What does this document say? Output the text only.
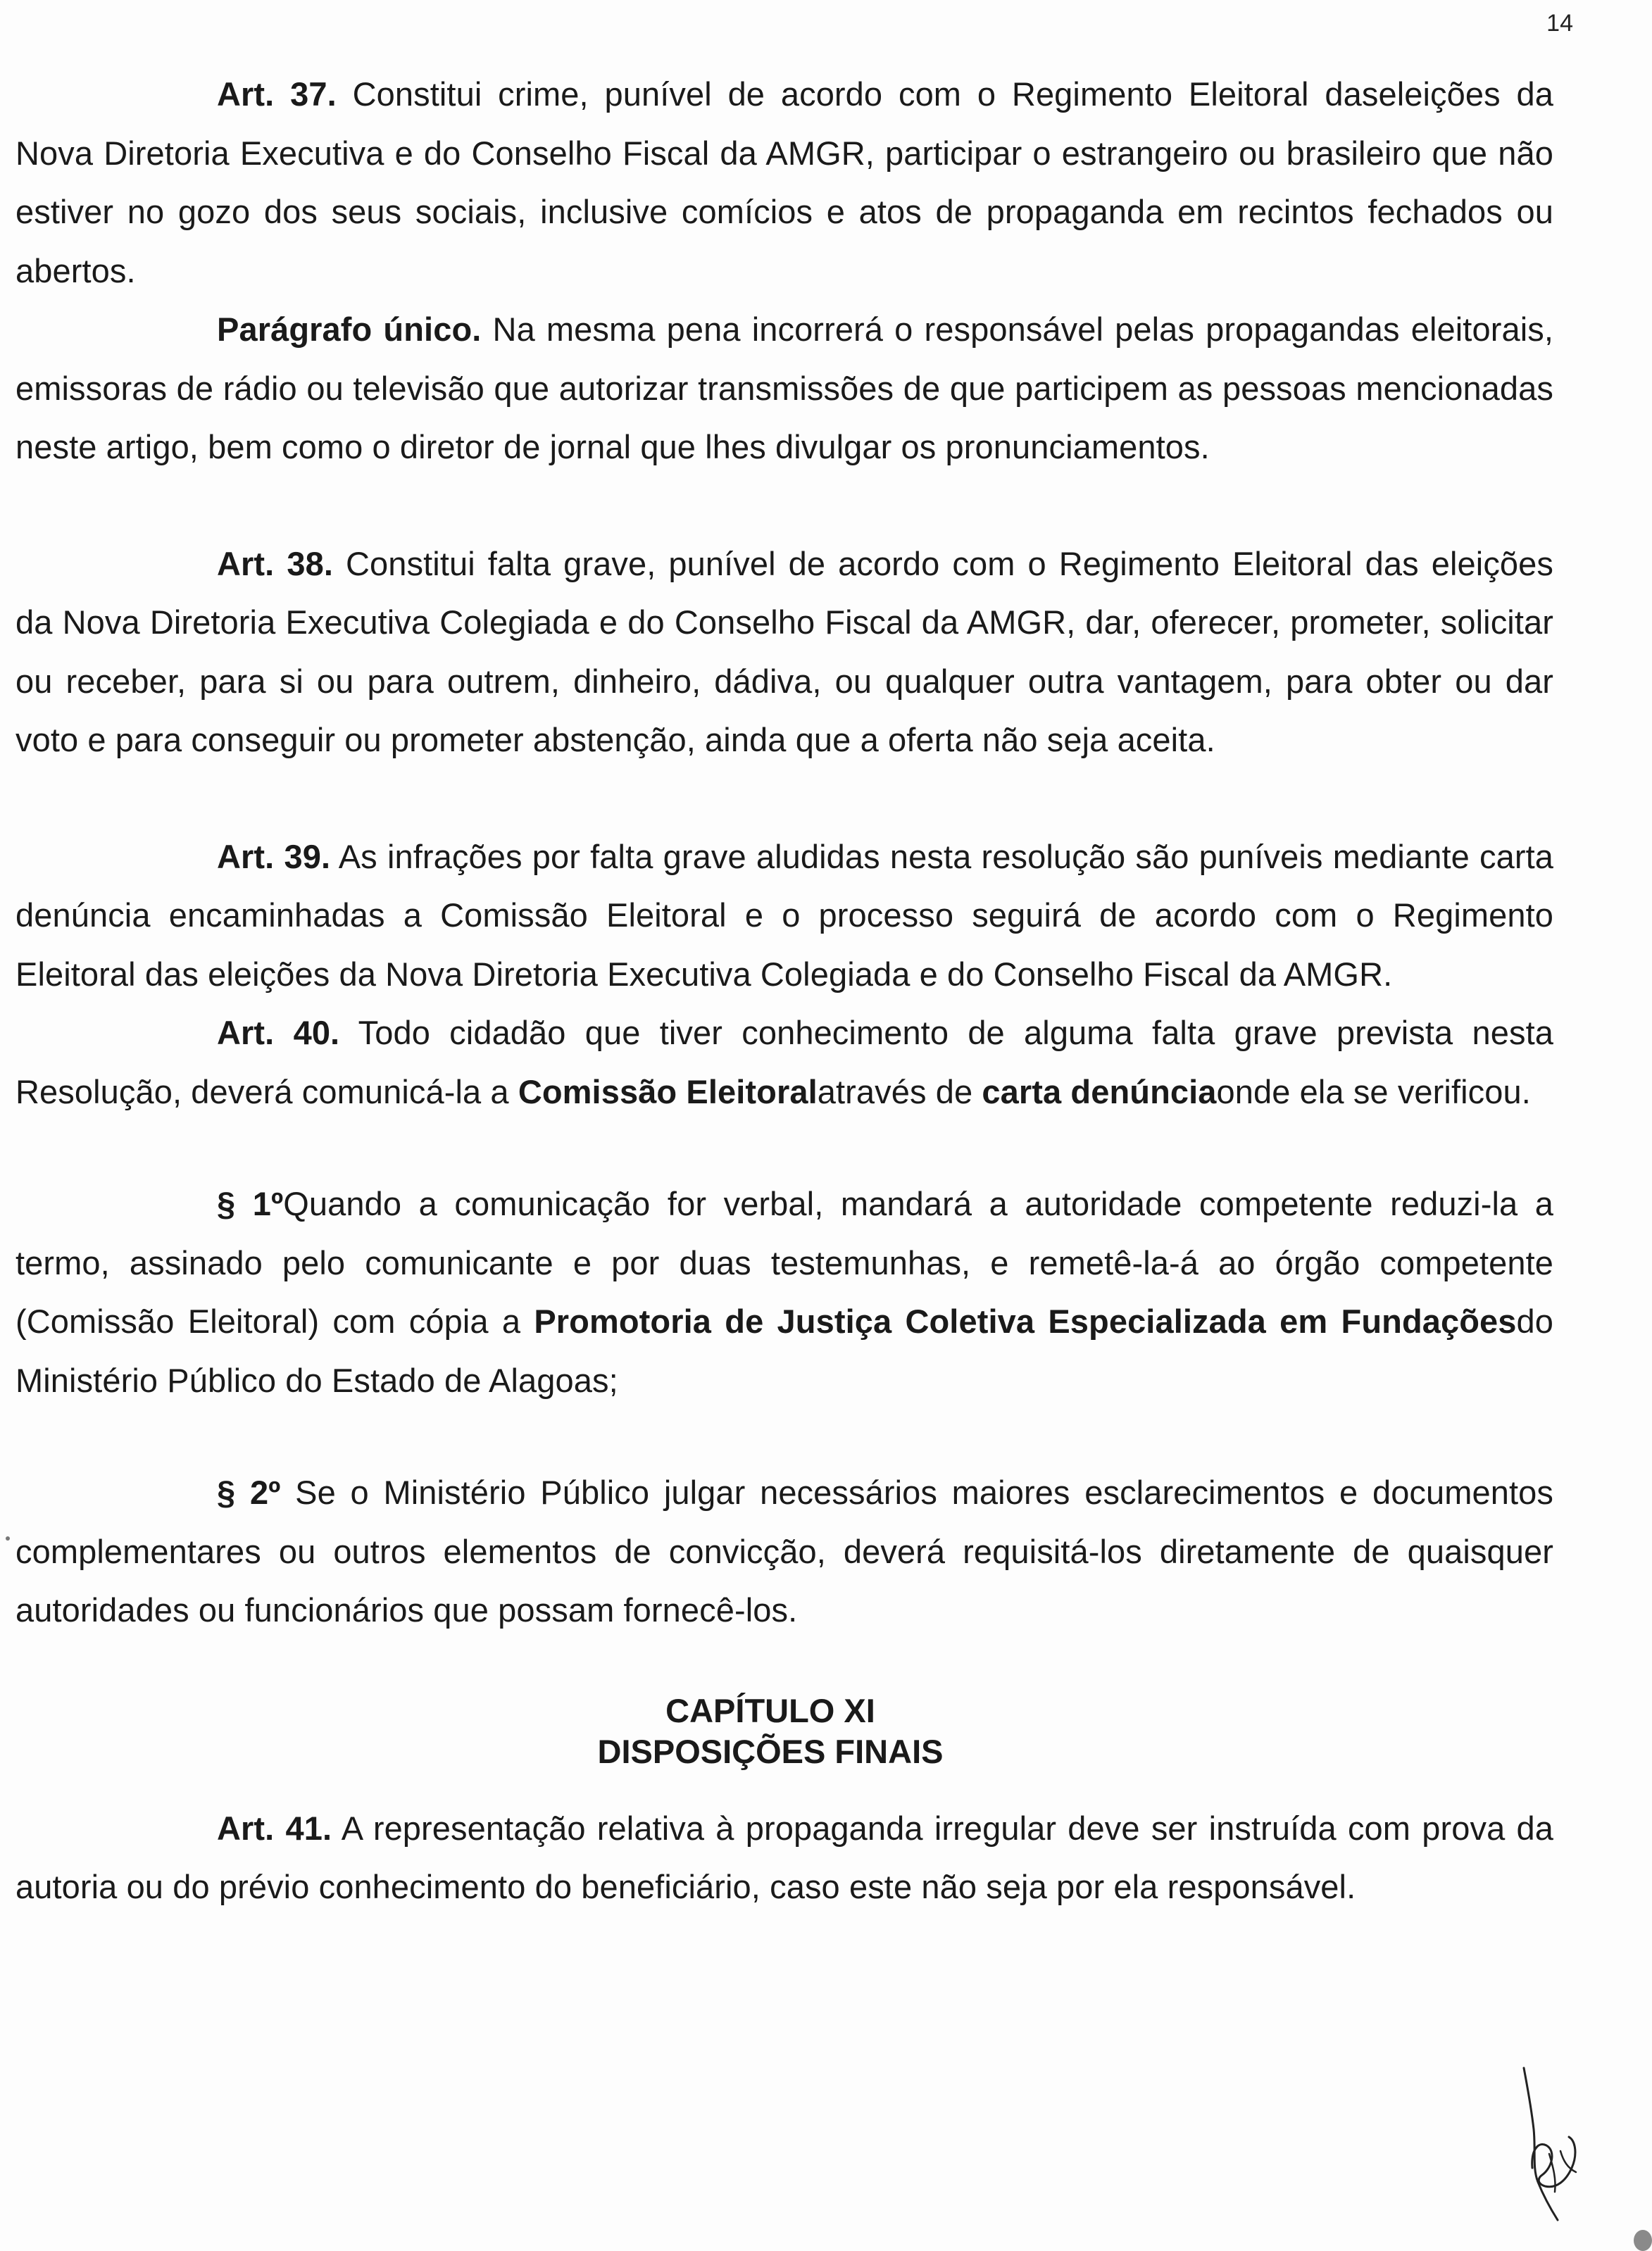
14

Art. 37. Constitui crime, punível de acordo com o Regimento Eleitoral daseleições da Nova Diretoria Executiva e do Conselho Fiscal da AMGR, participar o estrangeiro ou brasileiro que não estiver no gozo dos seus sociais, inclusive comícios e atos de propaganda em recintos fechados ou abertos.

Parágrafo único. Na mesma pena incorrerá o responsável pelas propagandas eleitorais, emissoras de rádio ou televisão que autorizar transmissões de que participem as pessoas mencionadas neste artigo, bem como o diretor de jornal que lhes divulgar os pronunciamentos.

Art. 38. Constitui falta grave, punível de acordo com o Regimento Eleitoral das eleições da Nova Diretoria Executiva Colegiada e do Conselho Fiscal da AMGR, dar, oferecer, prometer, solicitar ou receber, para si ou para outrem, dinheiro, dádiva, ou qualquer outra vantagem, para obter ou dar voto e para conseguir ou prometer abstenção, ainda que a oferta não seja aceita.

Art. 39. As infrações por falta grave aludidas nesta resolução são puníveis mediante carta denúncia encaminhadas a Comissão Eleitoral e o processo seguirá de acordo com o Regimento Eleitoral das eleições da Nova Diretoria Executiva Colegiada e do Conselho Fiscal da AMGR.

Art. 40. Todo cidadão que tiver conhecimento de alguma falta grave prevista nesta Resolução, deverá comunicá-la a Comissão Eleitoralatravés de carta denúnciaonde ela se verificou.

§ 1ºQuando a comunicação for verbal, mandará a autoridade competente reduzi-la a termo, assinado pelo comunicante e por duas testemunhas, e remetê-la-á ao órgão competente (Comissão Eleitoral) com cópia a Promotoria de Justiça Coletiva Especializada em Fundaçõesdo Ministério Público do Estado de Alagoas;

§ 2º Se o Ministério Público julgar necessários maiores esclarecimentos e documentos complementares ou outros elementos de convicção, deverá requisitá-los diretamente de quaisquer autoridades ou funcionários que possam fornecê-los.

CAPÍTULO XI
DISPOSIÇÕES FINAIS

Art. 41. A representação relativa à propaganda irregular deve ser instruída com prova da autoria ou do prévio conhecimento do beneficiário, caso este não seja por ela responsável.
